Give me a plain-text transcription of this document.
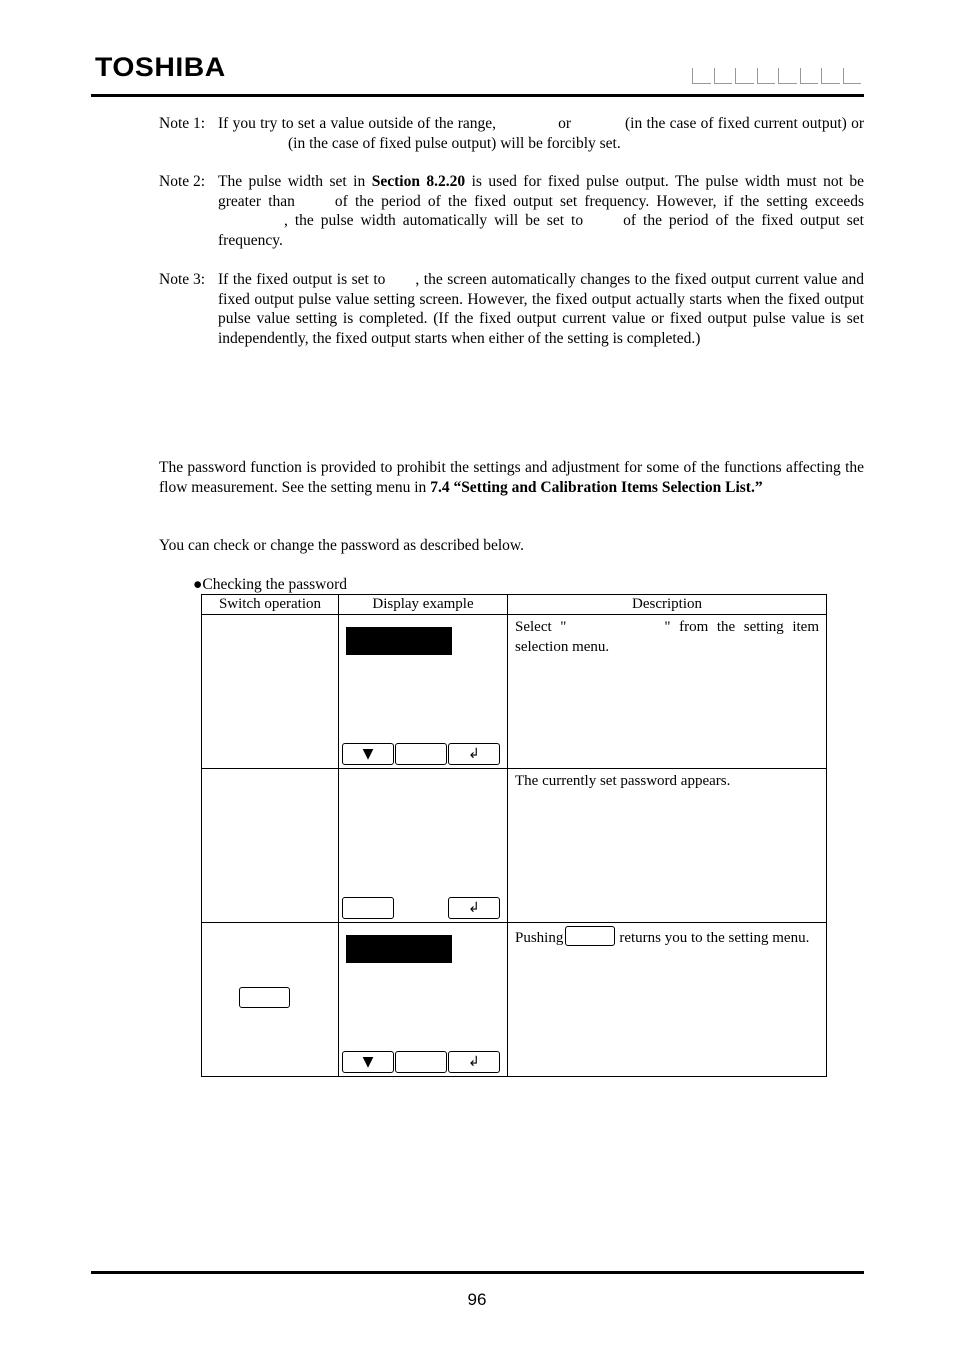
TOSHIBA
Note 1: If you try to set a value outside of the range,	or	(in the case of fixed current output) or(in the case of fixed pulse output) will be forcibly set.
Note 2: The pulse width set in Section 8.2.20 is used for fixed pulse output. The pulse width must not be greater than	of the period of the fixed output set frequency. However, if the setting exceeds, the pulse width automatically will be set to	of the period of the fixed output set frequency.
Note 3: If the fixed output is set to , the screen automatically changes to the fixed output current value and fixed output pulse value setting screen. However, the fixed output actually starts when the fixed output pulse value setting is completed. (If the fixed output current value or fixed output pulse value is set independently, the fixed output starts when either of the setting is completed.)
The password function is provided to prohibit the settings and adjustment for some of the functions affecting the flow measurement. See the setting menu in 7.4 “Setting and Calibration Items Selection List.”
You can check or change the password as described below.
●Checking the password
Switch operation	Display example	Description

	▼ ↲	Select " " from the setting item selection menu.

	↲	The currently set password appears.

	▼ ↲	Pushing returns you to the setting menu.
96
